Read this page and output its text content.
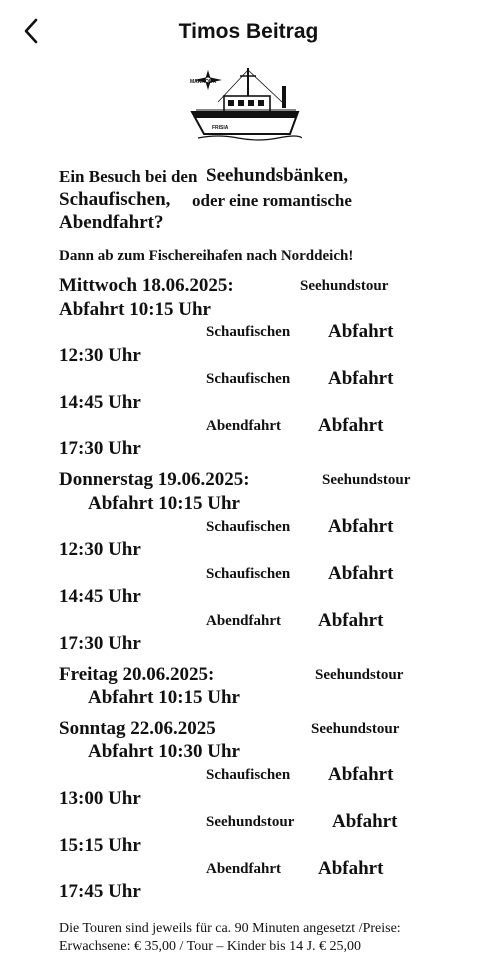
Timos Beitrag
MARRQUA
FRISIA
Ein Besuch bei den Seehundsbänken,
Schaufischen, oder eine romantische
Abendfahrt?
Dann ab zum Fischereihafen nach Norddeich!
Mittwoch 18.06.2025:	Seehundstour
Abfahrt 10:15 Uhr
Schaufischen Abfahrt
12:30 Uhr
Schaufischen Abfahrt
14:45 Uhr
Abendfahrt Abfahrt
17:30 Uhr
Donnerstag 19.06.2025:	Seehundstour
Abfahrt 10:15 Uhr
Schaufischen Abfahrt
12:30 Uhr
Schaufischen Abfahrt
14:45 Uhr
Abendfahrt Abfahrt
17:30 Uhr
Freitag 20.06.2025:	Seehundstour
Abfahrt 10:15 Uhr
Sonntag 22.06.2025	Seehundstour
Abfahrt 10:30 Uhr
Schaufischen Abfahrt
13:00 Uhr
Seehundstour Abfahrt
15:15 Uhr
Abendfahrt Abfahrt
17:45 Uhr
Die Touren sind jeweils für ca. 90 Minuten angesetzt /Preise:
Erwachsene: € 35,00 / Tour – Kinder bis 14 J. € 25,00
